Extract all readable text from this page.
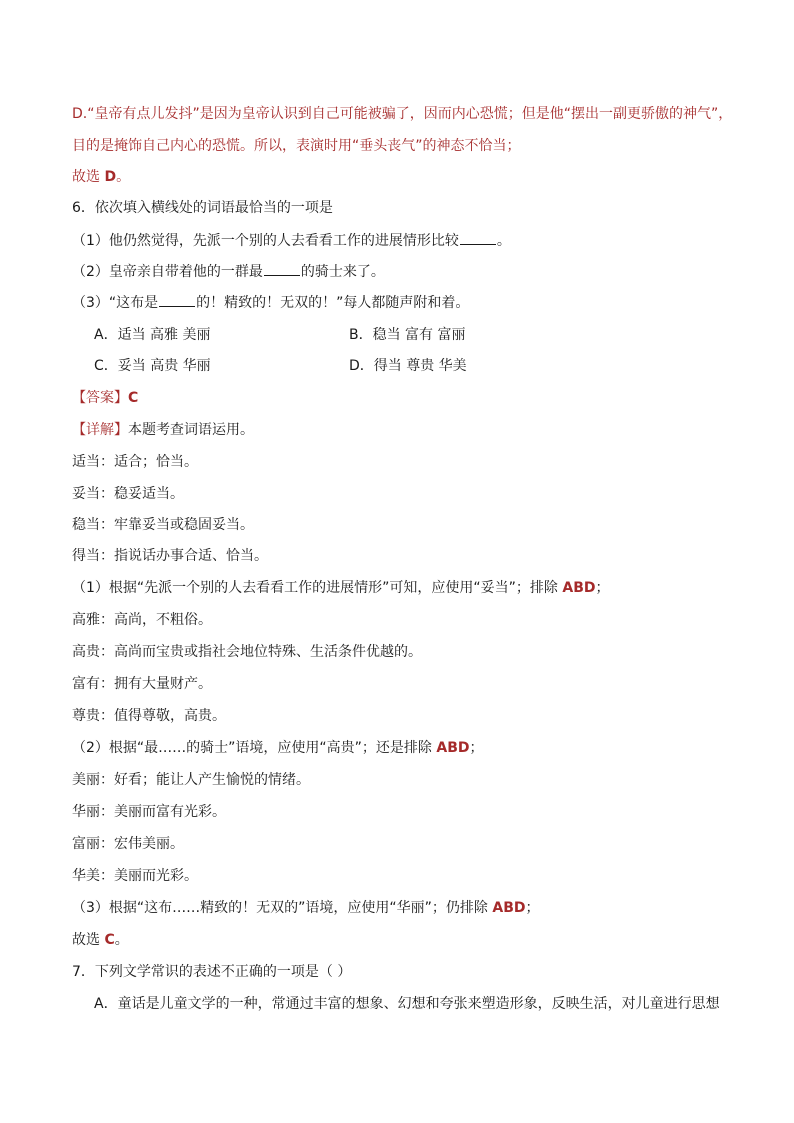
D.“皇帝有点儿发抖”是因为皇帝认识到自己可能被骗了，因而内心恐慌；但是他“摆出一副更骄傲的神气”，
目的是掩饰自己内心的恐慌。所以，表演时用“垂头丧气”的神态不恰当；
故选 D。
6．依次填入横线处的词语最恰当的一项是
（1）他仍然觉得，先派一个别的人去看看工作的进展情形比较	。
（2）皇帝亲自带着他的一群最	的骑士来了。
（3）“这布是	的！精致的！无双的！”每人都随声附和着。
A．适当 高雅 美丽	B．稳当 富有 富丽
C．妥当 高贵 华丽	D．得当 尊贵 华美
【答案】C
【详解】本题考查词语运用。
适当：适合；恰当。
妥当：稳妥适当。
稳当：牢靠妥当或稳固妥当。
得当：指说话办事合适、恰当。
（1）根据“先派一个别的人去看看工作的进展情形”可知，应使用“妥当”；排除 ABD；
高雅：高尚，不粗俗。
高贵：高尚而宝贵或指社会地位特殊、生活条件优越的。
富有：拥有大量财产。
尊贵：值得尊敬，高贵。
（2）根据“最……的骑士”语境，应使用“高贵”；还是排除 ABD；
美丽：好看；能让人产生愉悦的情绪。
华丽：美丽而富有光彩。
富丽：宏伟美丽。
华美：美丽而光彩。
（3）根据“这布……精致的！无双的”语境，应使用“华丽”；仍排除 ABD；
故选 C。
7．下列文学常识的表述不正确的一项是（ ）
A．童话是儿童文学的一种，常通过丰富的想象、幻想和夸张来塑造形象，反映生活，对儿童进行思想
